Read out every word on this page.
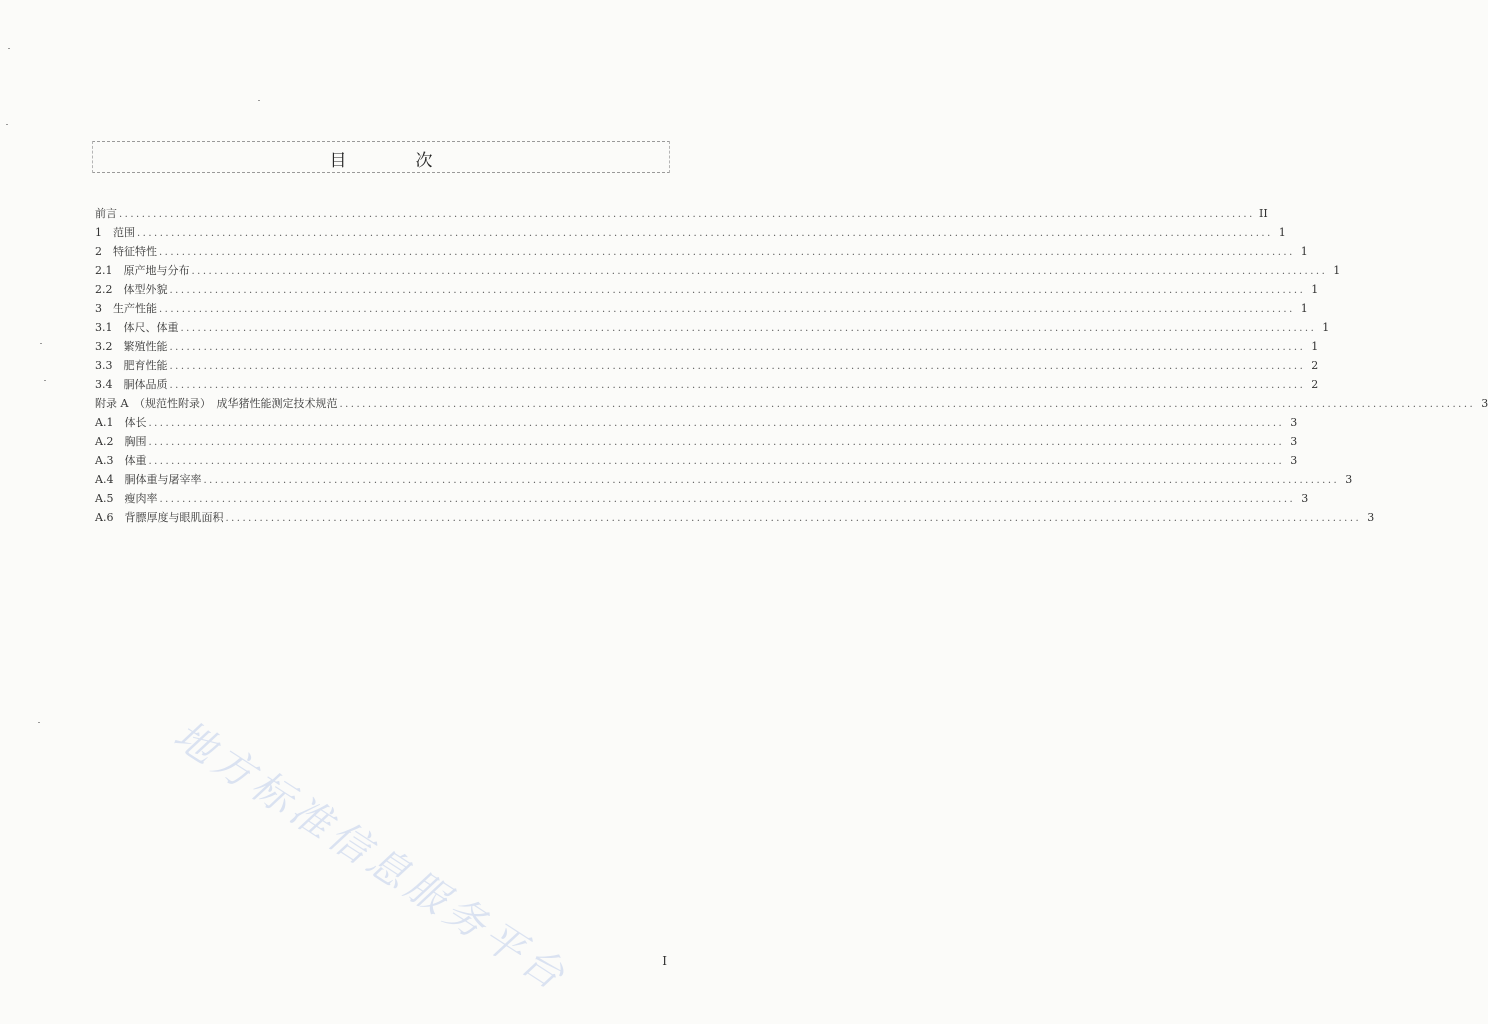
目　次
前言 ........................................................................................................................................................................................................ II
1　范围 ........................................................................................................................................................................................................ 1
2　特征特性 ........................................................................................................................................................................................................ 1
2.1　原产地与分布 ........................................................................................................................................................................................................ 1
2.2　体型外貌 ........................................................................................................................................................................................................ 1
3　生产性能 ........................................................................................................................................................................................................ 1
3.1　体尺、体重 ........................................................................................................................................................................................................ 1
3.2　繁殖性能 ........................................................................................................................................................................................................ 1
3.3　肥育性能 ........................................................................................................................................................................................................ 2
3.4　胴体品质 ........................................................................................................................................................................................................ 2
附录 A　（规范性附录）　成华猪性能测定技术规范 ........................................................................................................................................................................................................ 3
A.1　体长 ........................................................................................................................................................................................................ 3
A.2　胸围 ........................................................................................................................................................................................................ 3
A.3　体重 ........................................................................................................................................................................................................ 3
A.4　胴体重与屠宰率 ........................................................................................................................................................................................................ 3
A.5　瘦肉率 ........................................................................................................................................................................................................ 3
A.6　背膘厚度与眼肌面积 ........................................................................................................................................................................................................ 3
地方标准信息服务平台	I
